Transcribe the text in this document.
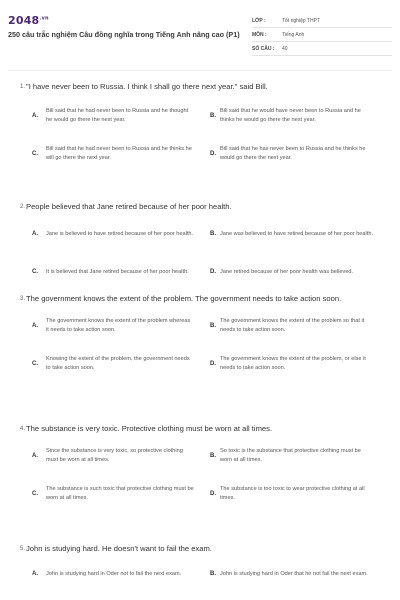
$2048^{.vn}$
250 câu trắc nghiệm Câu đồng nghĩa trong Tiếng Anh nâng cao (P1)
LỚP :	Tốt nghiệp THPT
MÔN :	Tiếng Anh
SỐ CÂU :	40
1. "I have never been to Russia. I think I shall go there next year." said Bill.
A.
Bill said that he had never been to Russia and he thought he would go there the next year.
B.
Bill said that he would have never been to Russia and he thinks he would go there the next year.
C.
Bill said that he had never been to Russia and he thinks he will go there the next year.
D.
Bill said that he has never been to Russia and he thinks he would go there the next year.
2. People believed that Jane retired because of her poor health.
A. Jane is believed to have retired because of her poor health.	B. Jane was believed to have retired because of her poor health.
C. It is believed that Jane retired because of her poor health.	D. Jane retired because of her poor health was believed.
3. The government knows the extent of the problem. The government needs to take action soon.
A.
The government knows the extent of the problem whereas it needs to take action soon.
B.
The government knows the extent of the problem so that it needs to take action soon.
C.
Knowing the extent of the problem, the government needs to take action soon.
D.
The government knows the extent of the problem, or else it needs to take action soon.
4. The substance is very toxic. Protective clothing must be worn at all times.
A.
Since the substance is very toxic, so protective clothing must be worn at all times.
B.
So toxic is the substance that protective clothing must be worn at all times.
C.
The substance is such toxic that protective clothing must be worn at all times.
D.
The substance is too toxic to wear protective clothing at all times.
5. John is studying hard. He doesn't want to fail the exam.
A. John is studying hard in Oder not to fail the next exam.	B. John is studying hard in Oder that he not fail the next exam.
